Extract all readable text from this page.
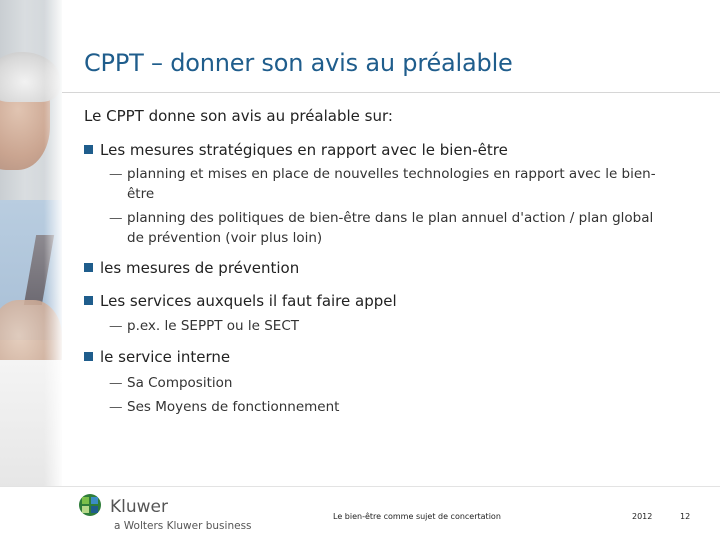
CPPT – donner son avis au préalable
Le CPPT donne son avis au préalable sur:
Les mesures stratégiques en rapport avec le bien-être
— planning et mises en place de nouvelles technologies en rapport avec le bien-
être
— planning des politiques de bien-être dans le plan annuel d'action / plan global
de prévention (voir plus loin)
les mesures de prévention
Les services auxquels il faut faire appel
— p.ex. le SEPPT ou le SECT
le service interne
— Sa Composition
— Ses Moyens de fonctionnement
Kluwer
a Wolters Kluwer business
Le bien-être comme sujet de concertation	2012	12
